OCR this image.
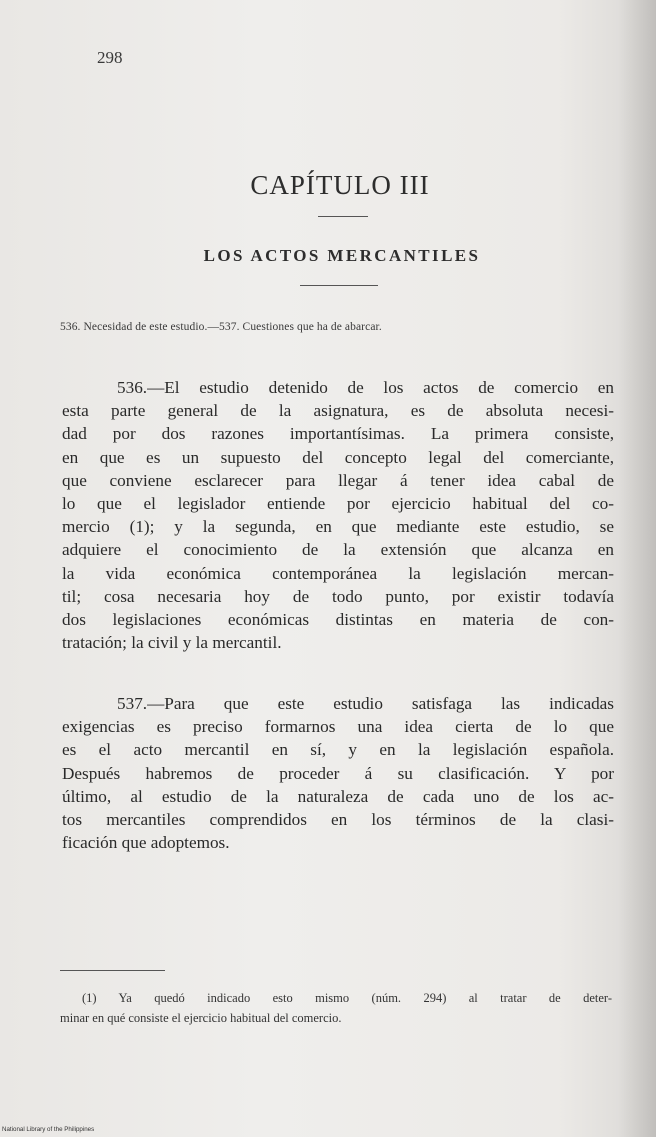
298
CAPÍTULO III
LOS ACTOS MERCANTILES
536. Necesidad de este estudio.—537. Cuestiones que ha de abarcar.
536.—El estudio detenido de los actos de comercio en
esta parte general de la asignatura, es de absoluta necesi-
dad por dos razones importantísimas. La primera consiste,
en que es un supuesto del concepto legal del comerciante,
que conviene esclarecer para llegar á tener idea cabal de
lo que el legislador entiende por ejercicio habitual del co-
mercio (1); y la segunda, en que mediante este estudio, se
adquiere el conocimiento de la extensión que alcanza en
la vida económica contemporánea la legislación mercan-
til; cosa necesaria hoy de todo punto, por existir todavía
dos legislaciones económicas distintas en materia de con-
tratación; la civil y la mercantil.
537.—Para que este estudio satisfaga las indicadas
exigencias es preciso formarnos una idea cierta de lo que
es el acto mercantil en sí, y en la legislación española.
Después habremos de proceder á su clasificación. Y por
último, al estudio de la naturaleza de cada uno de los ac-
tos mercantiles comprendidos en los términos de la clasi-
ficación que adoptemos.
(1) Ya quedó indicado esto mismo (núm. 294) al tratar de deter-
minar en qué consiste el ejercicio habitual del comercio.
National Library of the Philippines
